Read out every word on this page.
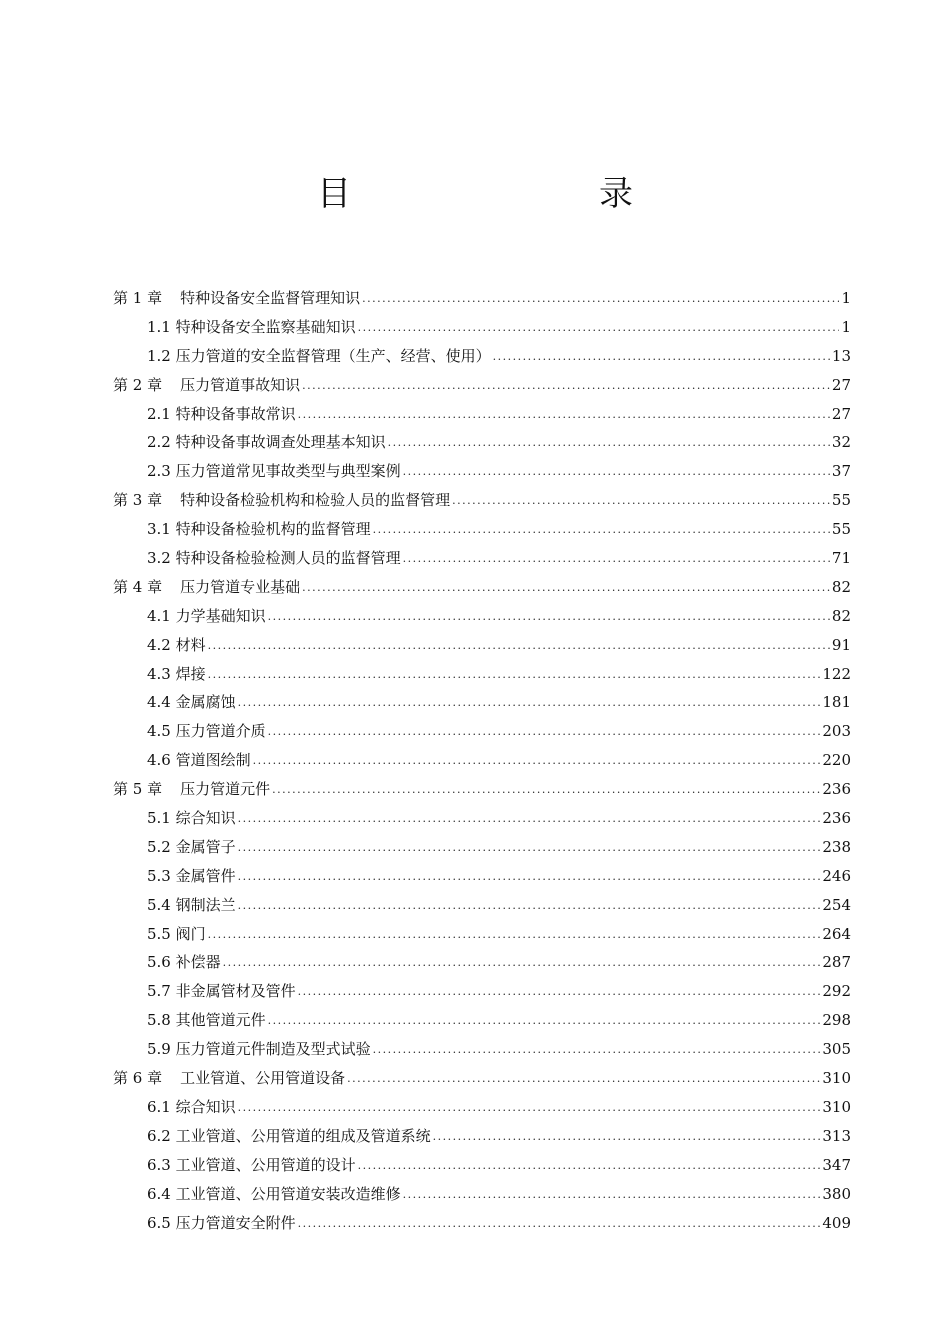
目　　录
第 1 章 特种设备安全监督管理知识 .....	1
1.1 特种设备安全监察基础知识 .....	1
1.2 压力管道的安全监督管理（生产、经营、使用） .....	13
第 2 章 压力管道事故知识 .....	27
2.1 特种设备事故常识 .....	27
2.2 特种设备事故调查处理基本知识 .....	32
2.3 压力管道常见事故类型与典型案例 .....	37
第 3 章 特种设备检验机构和检验人员的监督管理 .....	55
3.1 特种设备检验机构的监督管理 .....	55
3.2 特种设备检验检测人员的监督管理 .....	71
第 4 章 压力管道专业基础 .....	82
4.1 力学基础知识 .....	82
4.2 材料 .....	91
4.3 焊接 .....	122
4.4 金属腐蚀 .....	181
4.5 压力管道介质 .....	203
4.6 管道图绘制 .....	220
第 5 章 压力管道元件 .....	236
5.1 综合知识 .....	236
5.2 金属管子 .....	238
5.3 金属管件 .....	246
5.4 钢制法兰 .....	254
5.5 阀门 .....	264
5.6 补偿器 .....	287
5.7 非金属管材及管件 .....	292
5.8 其他管道元件 .....	298
5.9 压力管道元件制造及型式试验 .....	305
第 6 章 工业管道、公用管道设备 .....	310
6.1 综合知识 .....	310
6.2 工业管道、公用管道的组成及管道系统 .....	313
6.3 工业管道、公用管道的设计 .....	347
6.4 工业管道、公用管道安装改造维修 .....	380
6.5 压力管道安全附件 .....	409
